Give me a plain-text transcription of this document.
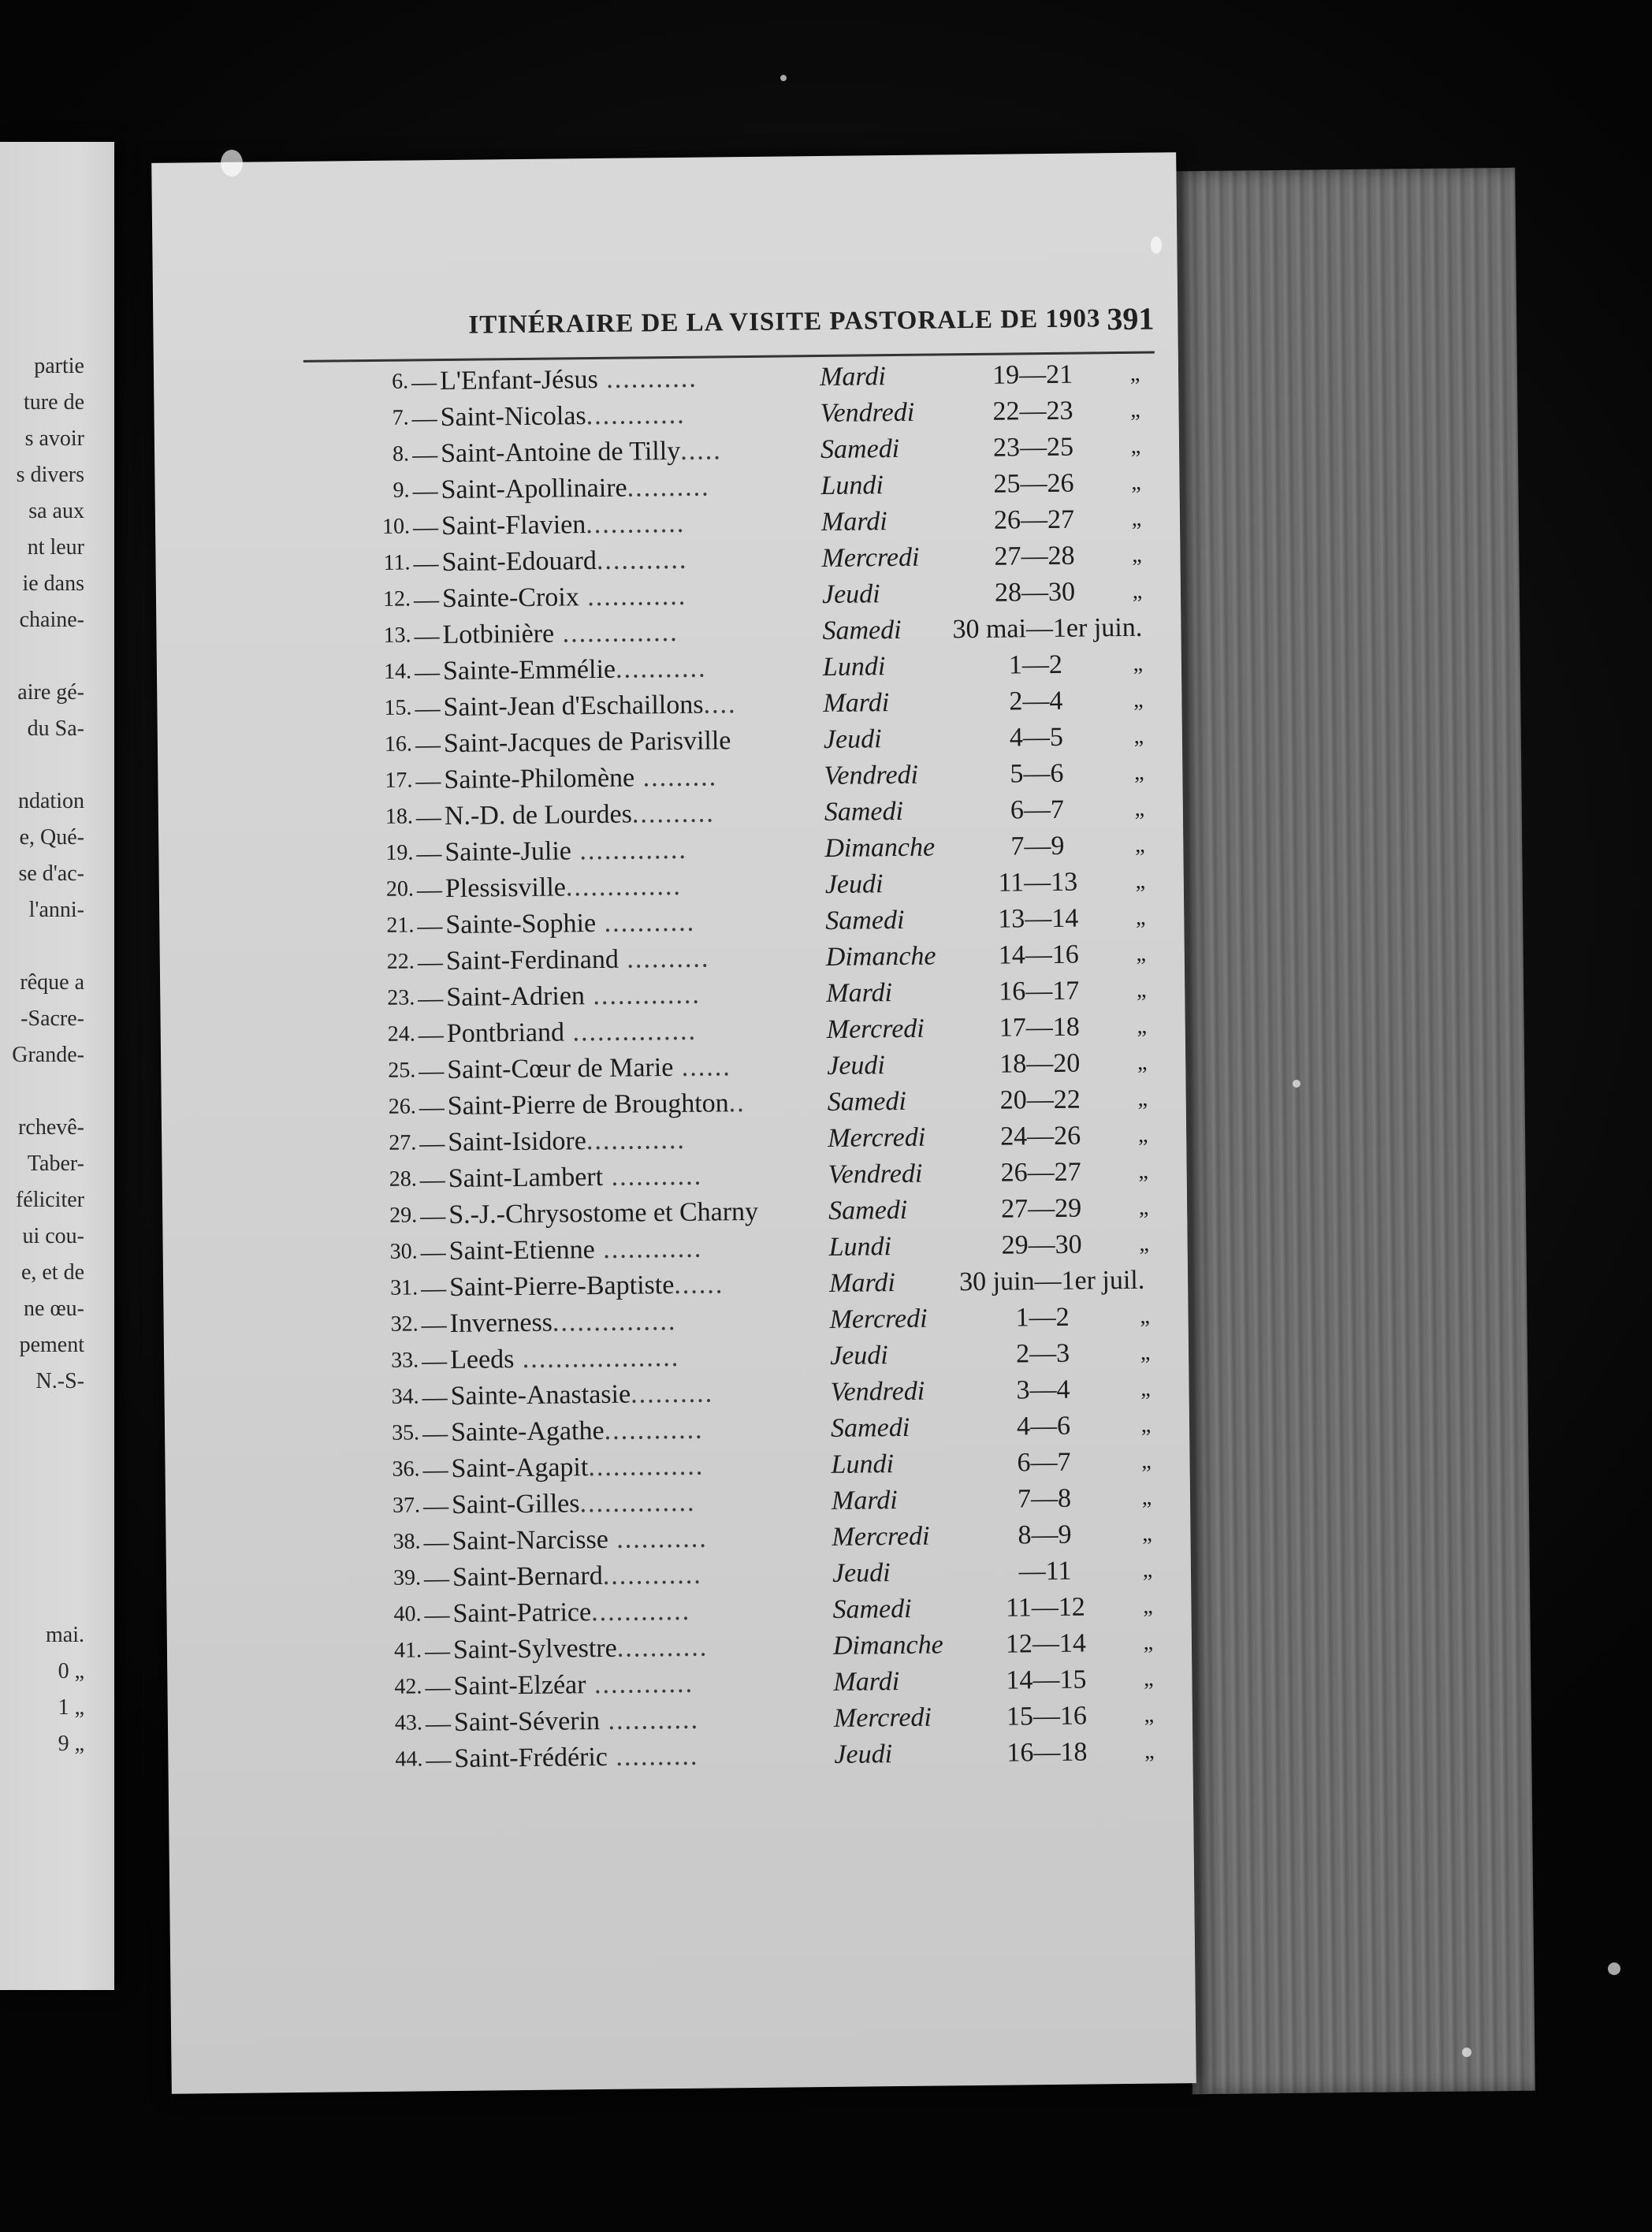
partie
ture de
s avoir
s divers
sa aux
nt leur
ie dans
chaine-
aire gé-
du Sa-
ndation
e, Qué-
se d'ac-
l'anni-
rêque a
-Sacre-
Grande-
rchevê-
Taber-
féliciter
ui cou-
e, et de
ne œu-
pement
N.-S-
mai.
0 „
1 „
9 „
ITINÉRAIRE DE LA VISITE PASTORALE DE 1903 391
6. — L'Enfant-Jésus ...........	Mardi	19—21	„
7. — Saint-Nicolas............	Vendredi	22—23	„
8. — Saint-Antoine de Tilly.....	Samedi	23—25	„
9. — Saint-Apollinaire..........	Lundi	25—26	„
10. — Saint-Flavien............	Mardi	26—27	„
11. — Saint-Edouard...........	Mercredi	27—28	„
12. — Sainte-Croix ............	Jeudi	28—30	„
13. — Lotbinière ..............	Samedi	30 mai—1er juin.
14. — Sainte-Emmélie...........	Lundi	1—2	„
15. — Saint-Jean d'Eschaillons....	Mardi	2—4	„
16. — Saint-Jacques de Parisville	Jeudi	4—5	„
17. — Sainte-Philomène .........	Vendredi	5—6	„
18. — N.-D. de Lourdes..........	Samedi	6—7	„
19. — Sainte-Julie .............	Dimanche	7—9	„
20. — Plessisville..............	Jeudi	11—13	„
21. — Sainte-Sophie ...........	Samedi	13—14	„
22. — Saint-Ferdinand ..........	Dimanche	14—16	„
23. — Saint-Adrien .............	Mardi	16—17	„
24. — Pontbriand ...............	Mercredi	17—18	„
25. — Saint-Cœur de Marie ......	Jeudi	18—20	„
26. — Saint-Pierre de Broughton..	Samedi	20—22	„
27. — Saint-Isidore............	Mercredi	24—26	„
28. — Saint-Lambert ...........	Vendredi	26—27	„
29. — S.-J.-Chrysostome et Charny	Samedi	27—29	„
30. — Saint-Etienne ............	Lundi	29—30	„
31. — Saint-Pierre-Baptiste......	Mardi	30 juin—1er juil.
32. — Inverness...............	Mercredi	1—2	„
33. — Leeds ...................	Jeudi	2—3	„
34. — Sainte-Anastasie..........	Vendredi	3—4	„
35. — Sainte-Agathe............	Samedi	4—6	„
36. — Saint-Agapit..............	Lundi	6—7	„
37. — Saint-Gilles..............	Mardi	7—8	„
38. — Saint-Narcisse ...........	Mercredi	8—9	„
39. — Saint-Bernard............	Jeudi	—11	„
40. — Saint-Patrice............	Samedi	11—12	„
41. — Saint-Sylvestre...........	Dimanche	12—14	„
42. — Saint-Elzéar ............	Mardi	14—15	„
43. — Saint-Séverin ...........	Mercredi	15—16	„
44. — Saint-Frédéric ..........	Jeudi	16—18	„
